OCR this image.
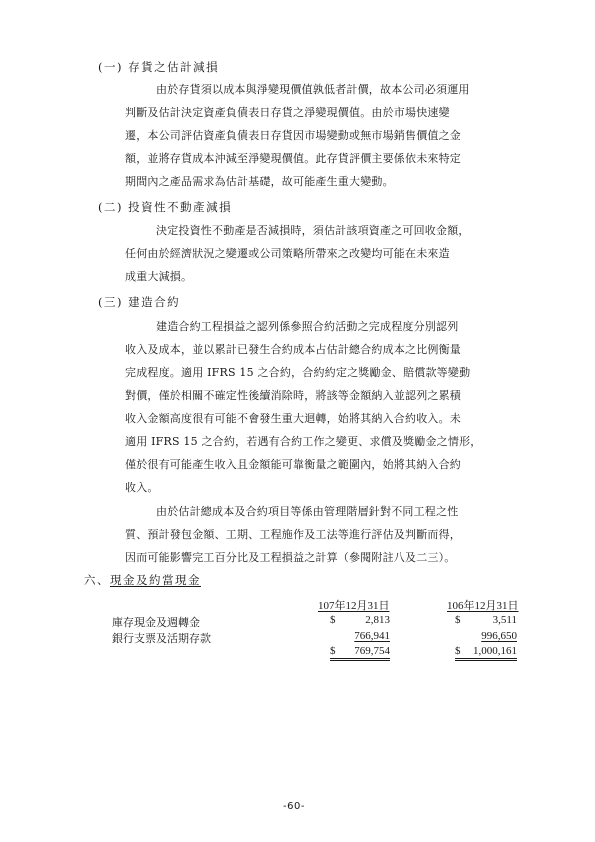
(一) 存貨之估計減損
由於存貨須以成本與淨變現價值孰低者計價，故本公司必須運用
判斷及估計決定資產負債表日存貨之淨變現價值。由於市場快速變
遷，本公司評估資產負債表日存貨因市場變動或無市場銷售價值之金
額，並將存貨成本沖減至淨變現價值。此存貨評價主要係依未來特定
期間內之產品需求為估計基礎，故可能產生重大變動。
(二) 投資性不動產減損
決定投資性不動產是否減損時，須估計該項資產之可回收金額，
任何由於經濟狀況之變遷或公司策略所帶來之改變均可能在未來造
成重大減損。
(三) 建造合約
建造合約工程損益之認列係參照合約活動之完成程度分別認列
收入及成本，並以累計已發生合約成本占估計總合約成本之比例衡量
完成程度。適用 IFRS 15 之合約，合約約定之獎勵金、賠償款等變動
對價，僅於相關不確定性後續消除時，將該等金額納入並認列之累積
收入金額高度很有可能不會發生重大迴轉，始將其納入合約收入。未
適用 IFRS 15 之合約，若遇有合約工作之變更、求償及獎勵金之情形，
僅於很有可能產生收入且金額能可靠衡量之範圍內，始將其納入合約
收入。
由於估計總成本及合約項目等係由管理階層針對不同工程之性
質、預計發包金額、工期、工程施作及工法等進行評估及判斷而得，
因而可能影響完工百分比及工程損益之計算（參閱附註八及二三）。
六、現金及約當現金
107年12月31日	106年12月31日
庫存現金及週轉金	$	2,813	$	3,511
銀行支票及活期存款	766,941	996,650
$ 769,754	$ 1,000,161
-60-
